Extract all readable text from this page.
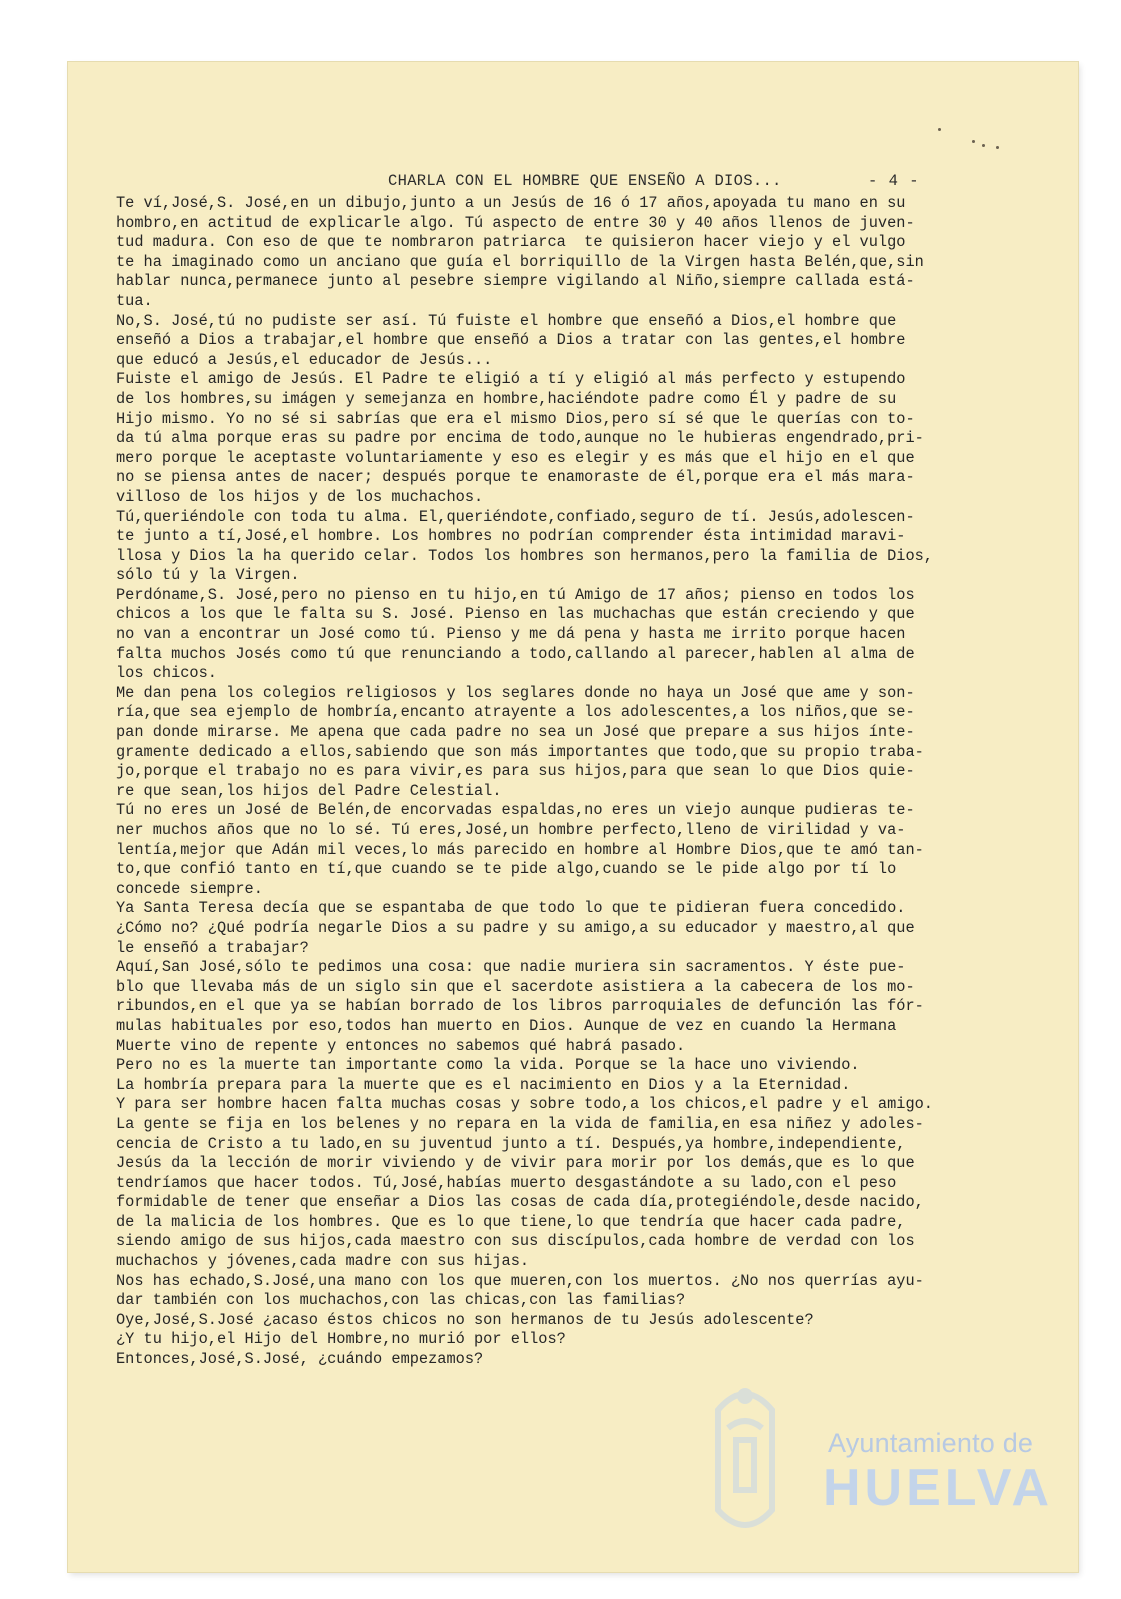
CHARLA CON EL HOMBRE QUE ENSEÑO A DIOS...	- 4 -
Te ví,José,S. José,en un dibujo,junto a un Jesús de 16 ó 17 años,apoyada tu mano en su
hombro,en actitud de explicarle algo. Tú aspecto de entre 30 y 40 años llenos de juven-
tud madura. Con eso de que te nombraron patriarca  te quisieron hacer viejo y el vulgo
te ha imaginado como un anciano que guía el borriquillo de la Virgen hasta Belén,que,sin
hablar nunca,permanece junto al pesebre siempre vigilando al Niño,siempre callada está-
tua.
No,S. José,tú no pudiste ser así. Tú fuiste el hombre que enseñó a Dios,el hombre que
enseñó a Dios a trabajar,el hombre que enseñó a Dios a tratar con las gentes,el hombre
que educó a Jesús,el educador de Jesús...
Fuiste el amigo de Jesús. El Padre te eligió a tí y eligió al más perfecto y estupendo
de los hombres,su imágen y semejanza en hombre,haciéndote padre como Él y padre de su
Hijo mismo. Yo no sé si sabrías que era el mismo Dios,pero sí sé que le querías con to-
da tú alma porque eras su padre por encima de todo,aunque no le hubieras engendrado,pri-
mero porque le aceptaste voluntariamente y eso es elegir y es más que el hijo en el que
no se piensa antes de nacer; después porque te enamoraste de él,porque era el más mara-
villoso de los hijos y de los muchachos.
Tú,queriéndole con toda tu alma. El,queriéndote,confiado,seguro de tí. Jesús,adolescen-
te junto a tí,José,el hombre. Los hombres no podrían comprender ésta intimidad maravi-
llosa y Dios la ha querido celar. Todos los hombres son hermanos,pero la familia de Dios,
sólo tú y la Virgen.
Perdóname,S. José,pero no pienso en tu hijo,en tú Amigo de 17 años; pienso en todos los
chicos a los que le falta su S. José. Pienso en las muchachas que están creciendo y que
no van a encontrar un José como tú. Pienso y me dá pena y hasta me irrito porque hacen
falta muchos Josés como tú que renunciando a todo,callando al parecer,hablen al alma de
los chicos.
Me dan pena los colegios religiosos y los seglares donde no haya un José que ame y son-
ría,que sea ejemplo de hombría,encanto atrayente a los adolescentes,a los niños,que se-
pan donde mirarse. Me apena que cada padre no sea un José que prepare a sus hijos ínte-
gramente dedicado a ellos,sabiendo que son más importantes que todo,que su propio traba-
jo,porque el trabajo no es para vivir,es para sus hijos,para que sean lo que Dios quie-
re que sean,los hijos del Padre Celestial.
Tú no eres un José de Belén,de encorvadas espaldas,no eres un viejo aunque pudieras te-
ner muchos años que no lo sé. Tú eres,José,un hombre perfecto,lleno de virilidad y va-
lentía,mejor que Adán mil veces,lo más parecido en hombre al Hombre Dios,que te amó tan-
to,que confió tanto en tí,que cuando se te pide algo,cuando se le pide algo por tí lo
concede siempre.
Ya Santa Teresa decía que se espantaba de que todo lo que te pidieran fuera concedido.
¿Cómo no? ¿Qué podría negarle Dios a su padre y su amigo,a su educador y maestro,al que
le enseñó a trabajar?
Aquí,San José,sólo te pedimos una cosa: que nadie muriera sin sacramentos. Y éste pue-
blo que llevaba más de un siglo sin que el sacerdote asistiera a la cabecera de los mo-
ribundos,en el que ya se habían borrado de los libros parroquiales de defunción las fór-
mulas habituales por eso,todos han muerto en Dios. Aunque de vez en cuando la Hermana
Muerte vino de repente y entonces no sabemos qué habrá pasado.
Pero no es la muerte tan importante como la vida. Porque se la hace uno viviendo.
La hombría prepara para la muerte que es el nacimiento en Dios y a la Eternidad.
Y para ser hombre hacen falta muchas cosas y sobre todo,a los chicos,el padre y el amigo.
La gente se fija en los belenes y no repara en la vida de familia,en esa niñez y adoles-
cencia de Cristo a tu lado,en su juventud junto a tí. Después,ya hombre,independiente,
Jesús da la lección de morir viviendo y de vivir para morir por los demás,que es lo que
tendríamos que hacer todos. Tú,José,habías muerto desgastándote a su lado,con el peso
formidable de tener que enseñar a Dios las cosas de cada día,protegiéndole,desde nacido,
de la malicia de los hombres. Que es lo que tiene,lo que tendría que hacer cada padre,
siendo amigo de sus hijos,cada maestro con sus discípulos,cada hombre de verdad con los
muchachos y jóvenes,cada madre con sus hijas.
Nos has echado,S.José,una mano con los que mueren,con los muertos. ¿No nos querrías ayu-
dar también con los muchachos,con las chicas,con las familias?
Oye,José,S.José ¿acaso éstos chicos no son hermanos de tu Jesús adolescente?
¿Y tu hijo,el Hijo del Hombre,no murió por ellos?
Entonces,José,S.José, ¿cuándo empezamos?
Ayuntamiento de
HUELVA
